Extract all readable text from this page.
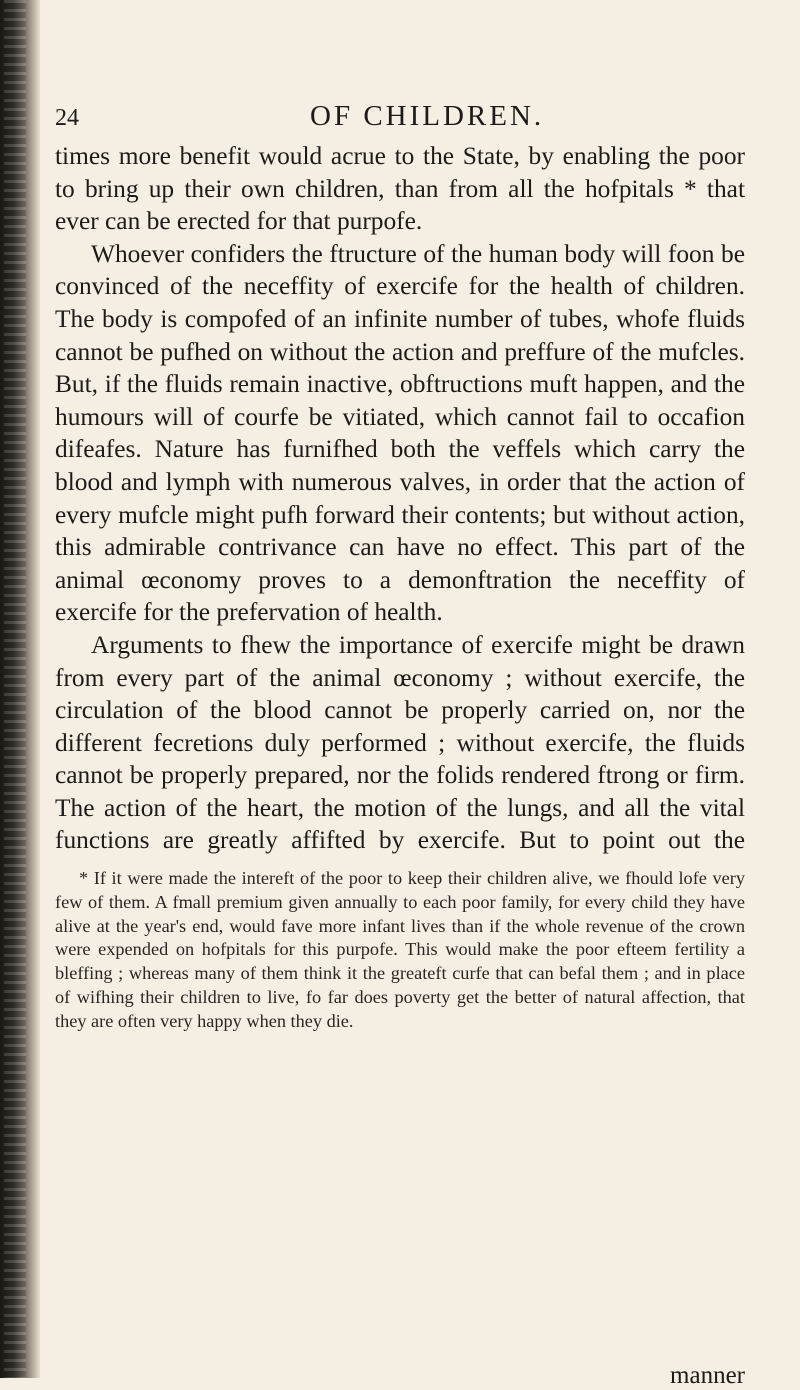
24	OF CHILDREN.

times more benefit would acrue to the State, by enabling the poor to bring up their own children, than from all the hofpitals * that ever can be erected for that purpofe.

Whoever confiders the ftructure of the human body will foon be convinced of the neceffity of exercife for the health of children. The body is compofed of an infinite number of tubes, whofe fluids cannot be pufhed on without the action and preffure of the mufcles. But, if the fluids remain inactive, obftructions muft happen, and the humours will of courfe be vitiated, which cannot fail to occafion difeafes. Nature has furnifhed both the veffels which carry the blood and lymph with numerous valves, in order that the action of every mufcle might pufh forward their contents; but without action, this admirable contrivance can have no effect. This part of the animal œconomy proves to a demonftration the neceffity of exercife for the prefervation of health.

Arguments to fhew the importance of exercife might be drawn from every part of the animal œconomy ; without exercife, the circulation of the blood cannot be properly carried on, nor the different fecretions duly performed ; without exercife, the fluids cannot be properly prepared, nor the folids rendered ftrong or firm. The action of the heart, the motion of the lungs, and all the vital functions are greatly affifted by exercife. But to point out the

* If it were made the intereft of the poor to keep their children alive, we fhould lofe very few of them. A fmall premium given annually to each poor family, for every child they have alive at the year's end, would fave more infant lives than if the whole revenue of the crown were expended on hofpitals for this purpofe. This would make the poor efteem fertility a bleffing ; whereas many of them think it the greateft curfe that can befal them ; and in place of wifhing their children to live, fo far does poverty get the better of natural affection, that they are often very happy when they die.

manner
